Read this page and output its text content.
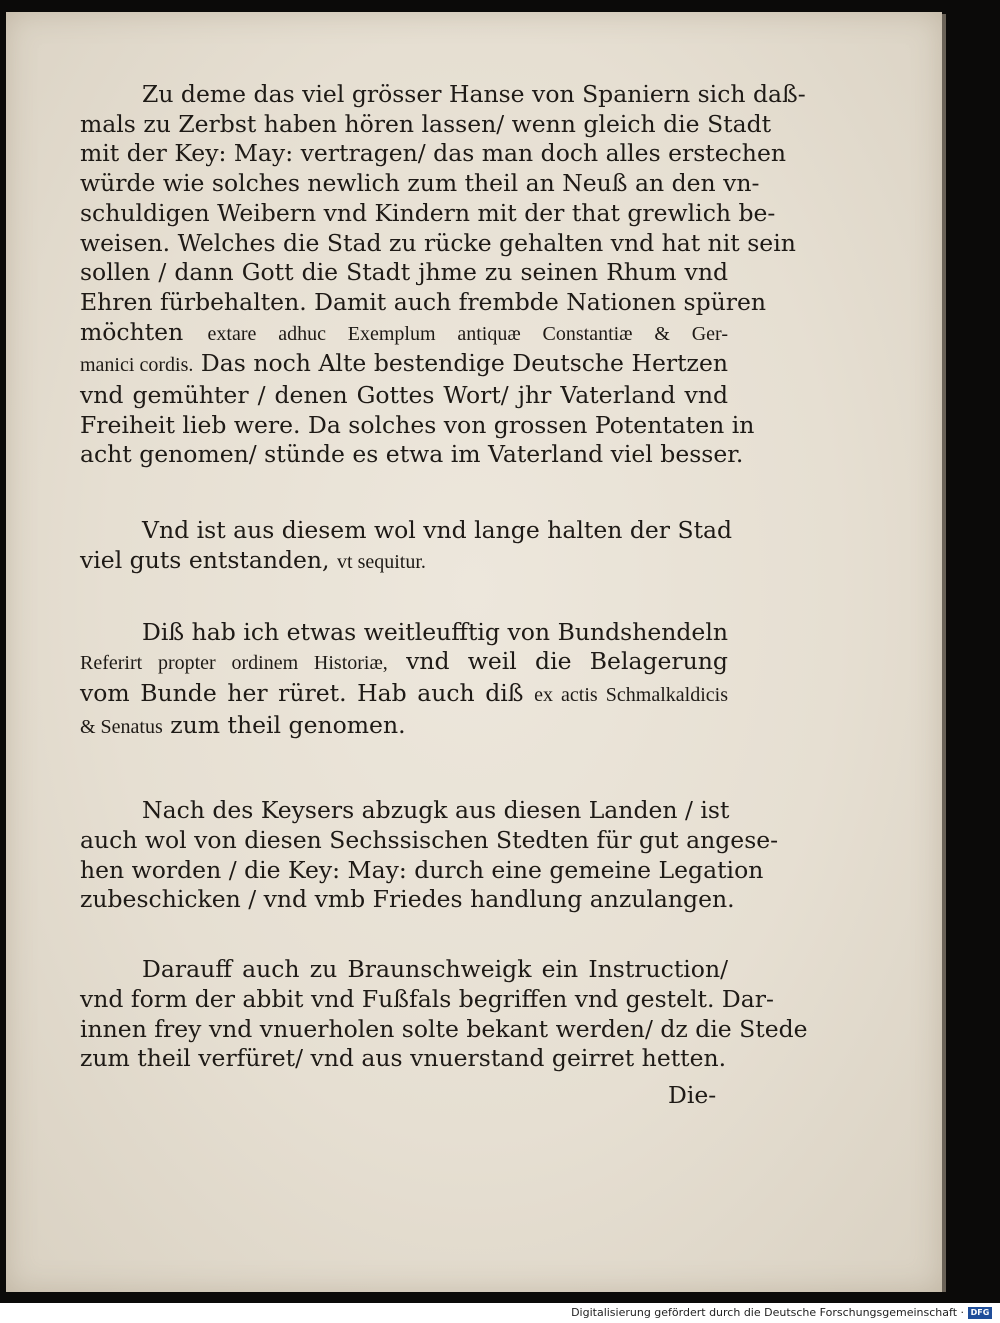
Zu deme das viel grösser Hanse von Spaniern sich daß-
mals zu Zerbst haben hören lassen/ wenn gleich die Stadt
mit der Key: May: vertragen/ das man doch alles erstechen
würde wie solches newlich zum theil an Neuß an den vn-
schuldigen Weibern vnd Kindern mit der that grewlich be-
weisen. Welches die Stad zu rücke gehalten vnd hat nit sein
sollen / dann Gott die Stadt jhme zu seinen Rhum vnd
Ehren fürbehalten. Damit auch frembde Nationen spüren
möchten extare adhuc Exemplum antiquæ Constantiæ & Ger-
manici cordis. Das noch Alte bestendige Deutsche Hertzen
vnd gemühter / denen Gottes Wort/ jhr Vaterland vnd
Freiheit lieb were. Da solches von grossen Potentaten in
acht genomen/ stünde es etwa im Vaterland viel besser.

Vnd ist aus diesem wol vnd lange halten der Stad
viel guts entstanden, vt sequitur.

Diß hab ich etwas weitleufftig von Bundshendeln
Referirt propter ordinem Historiæ, vnd weil die Belagerung
vom Bunde her rüret. Hab auch diß ex actis Schmalkaldicis
& Senatus zum theil genomen.

Nach des Keysers abzugk aus diesen Landen / ist
auch wol von diesen Sechssischen Stedten für gut angese-
hen worden / die Key: May: durch eine gemeine Legation
zubeschicken / vnd vmb Friedes handlung anzulangen.

Darauff auch zu Braunschweigk ein Instruction/
vnd form der abbit vnd Fußfals begriffen vnd gestelt. Dar-
innen frey vnd vnuerholen solte bekant werden/ dz die Stede
zum theil verfüret/ vnd aus vnuerstand geirret hetten.

Die-
Digitalisierung gefördert durch die Deutsche Forschungsgemeinschaft · DFG
